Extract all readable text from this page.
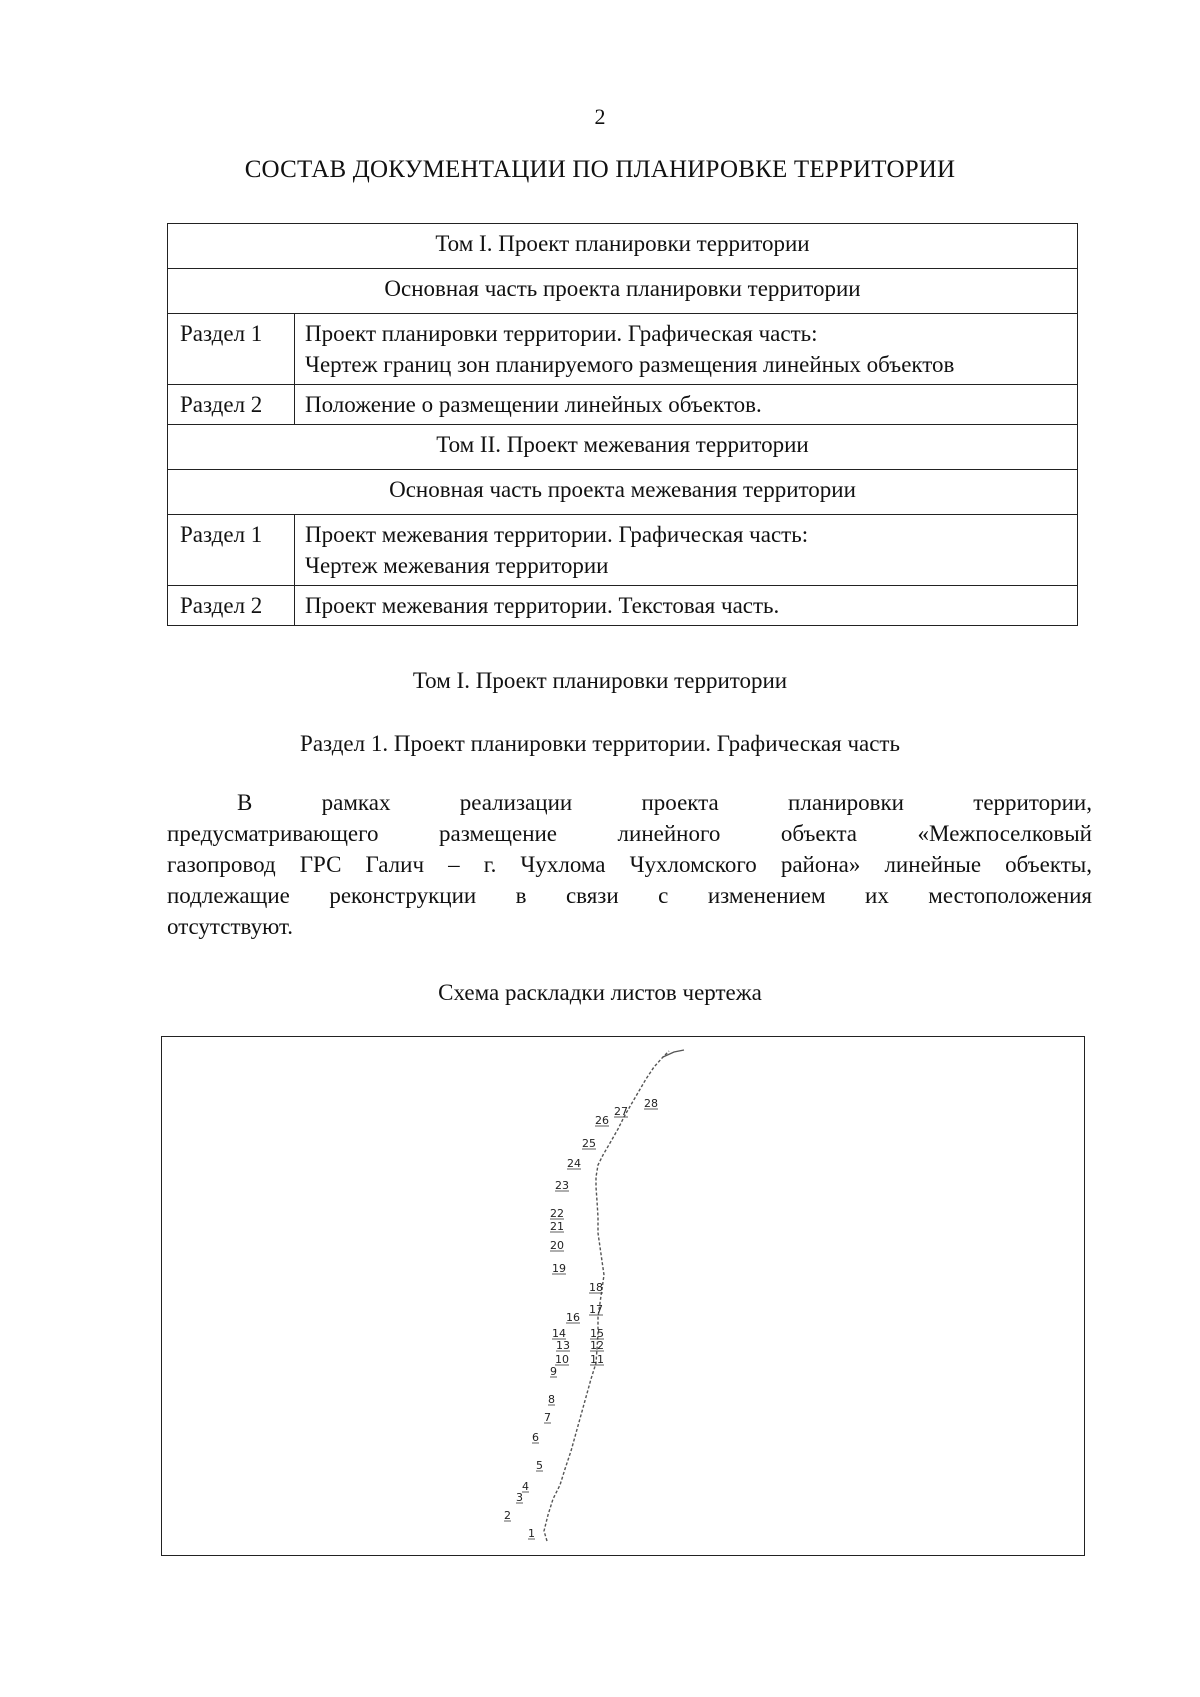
2
СОСТАВ ДОКУМЕНТАЦИИ ПО ПЛАНИРОВКЕ ТЕРРИТОРИИ
Том I. Проект планировки территории	
Основная часть проекта планировки территории	
Раздел 1	Проект планировки территории. Графическая часть:
Чертеж границ зон планируемого размещения линейных объектов

Раздел 2	Положение о размещении линейных объектов.

Том II. Проект межевания территории	
Основная часть проекта межевания территории	
Раздел 1	Проект межевания территории. Графическая часть:
Чертеж межевания территории

Раздел 2	Проект межевания территории. Текстовая часть.
Том I. Проект планировки территории
Раздел 1. Проект планировки территории. Графическая часть
В рамках реализации проекта планировки территории,
предусматривающего размещение линейного объекта «Межпоселковый
газопровод ГРС Галич – г. Чухлома Чухломского района» линейные объекты,
подлежащие реконструкции в связи с изменением их местоположения
отсутствуют.
Схема раскладки листов чертежа
1
2
3
4
5
6
7
8
9
10 11
12
13
14 15
16
17
18
19
20
21
22
23
24
25
26
27
28
